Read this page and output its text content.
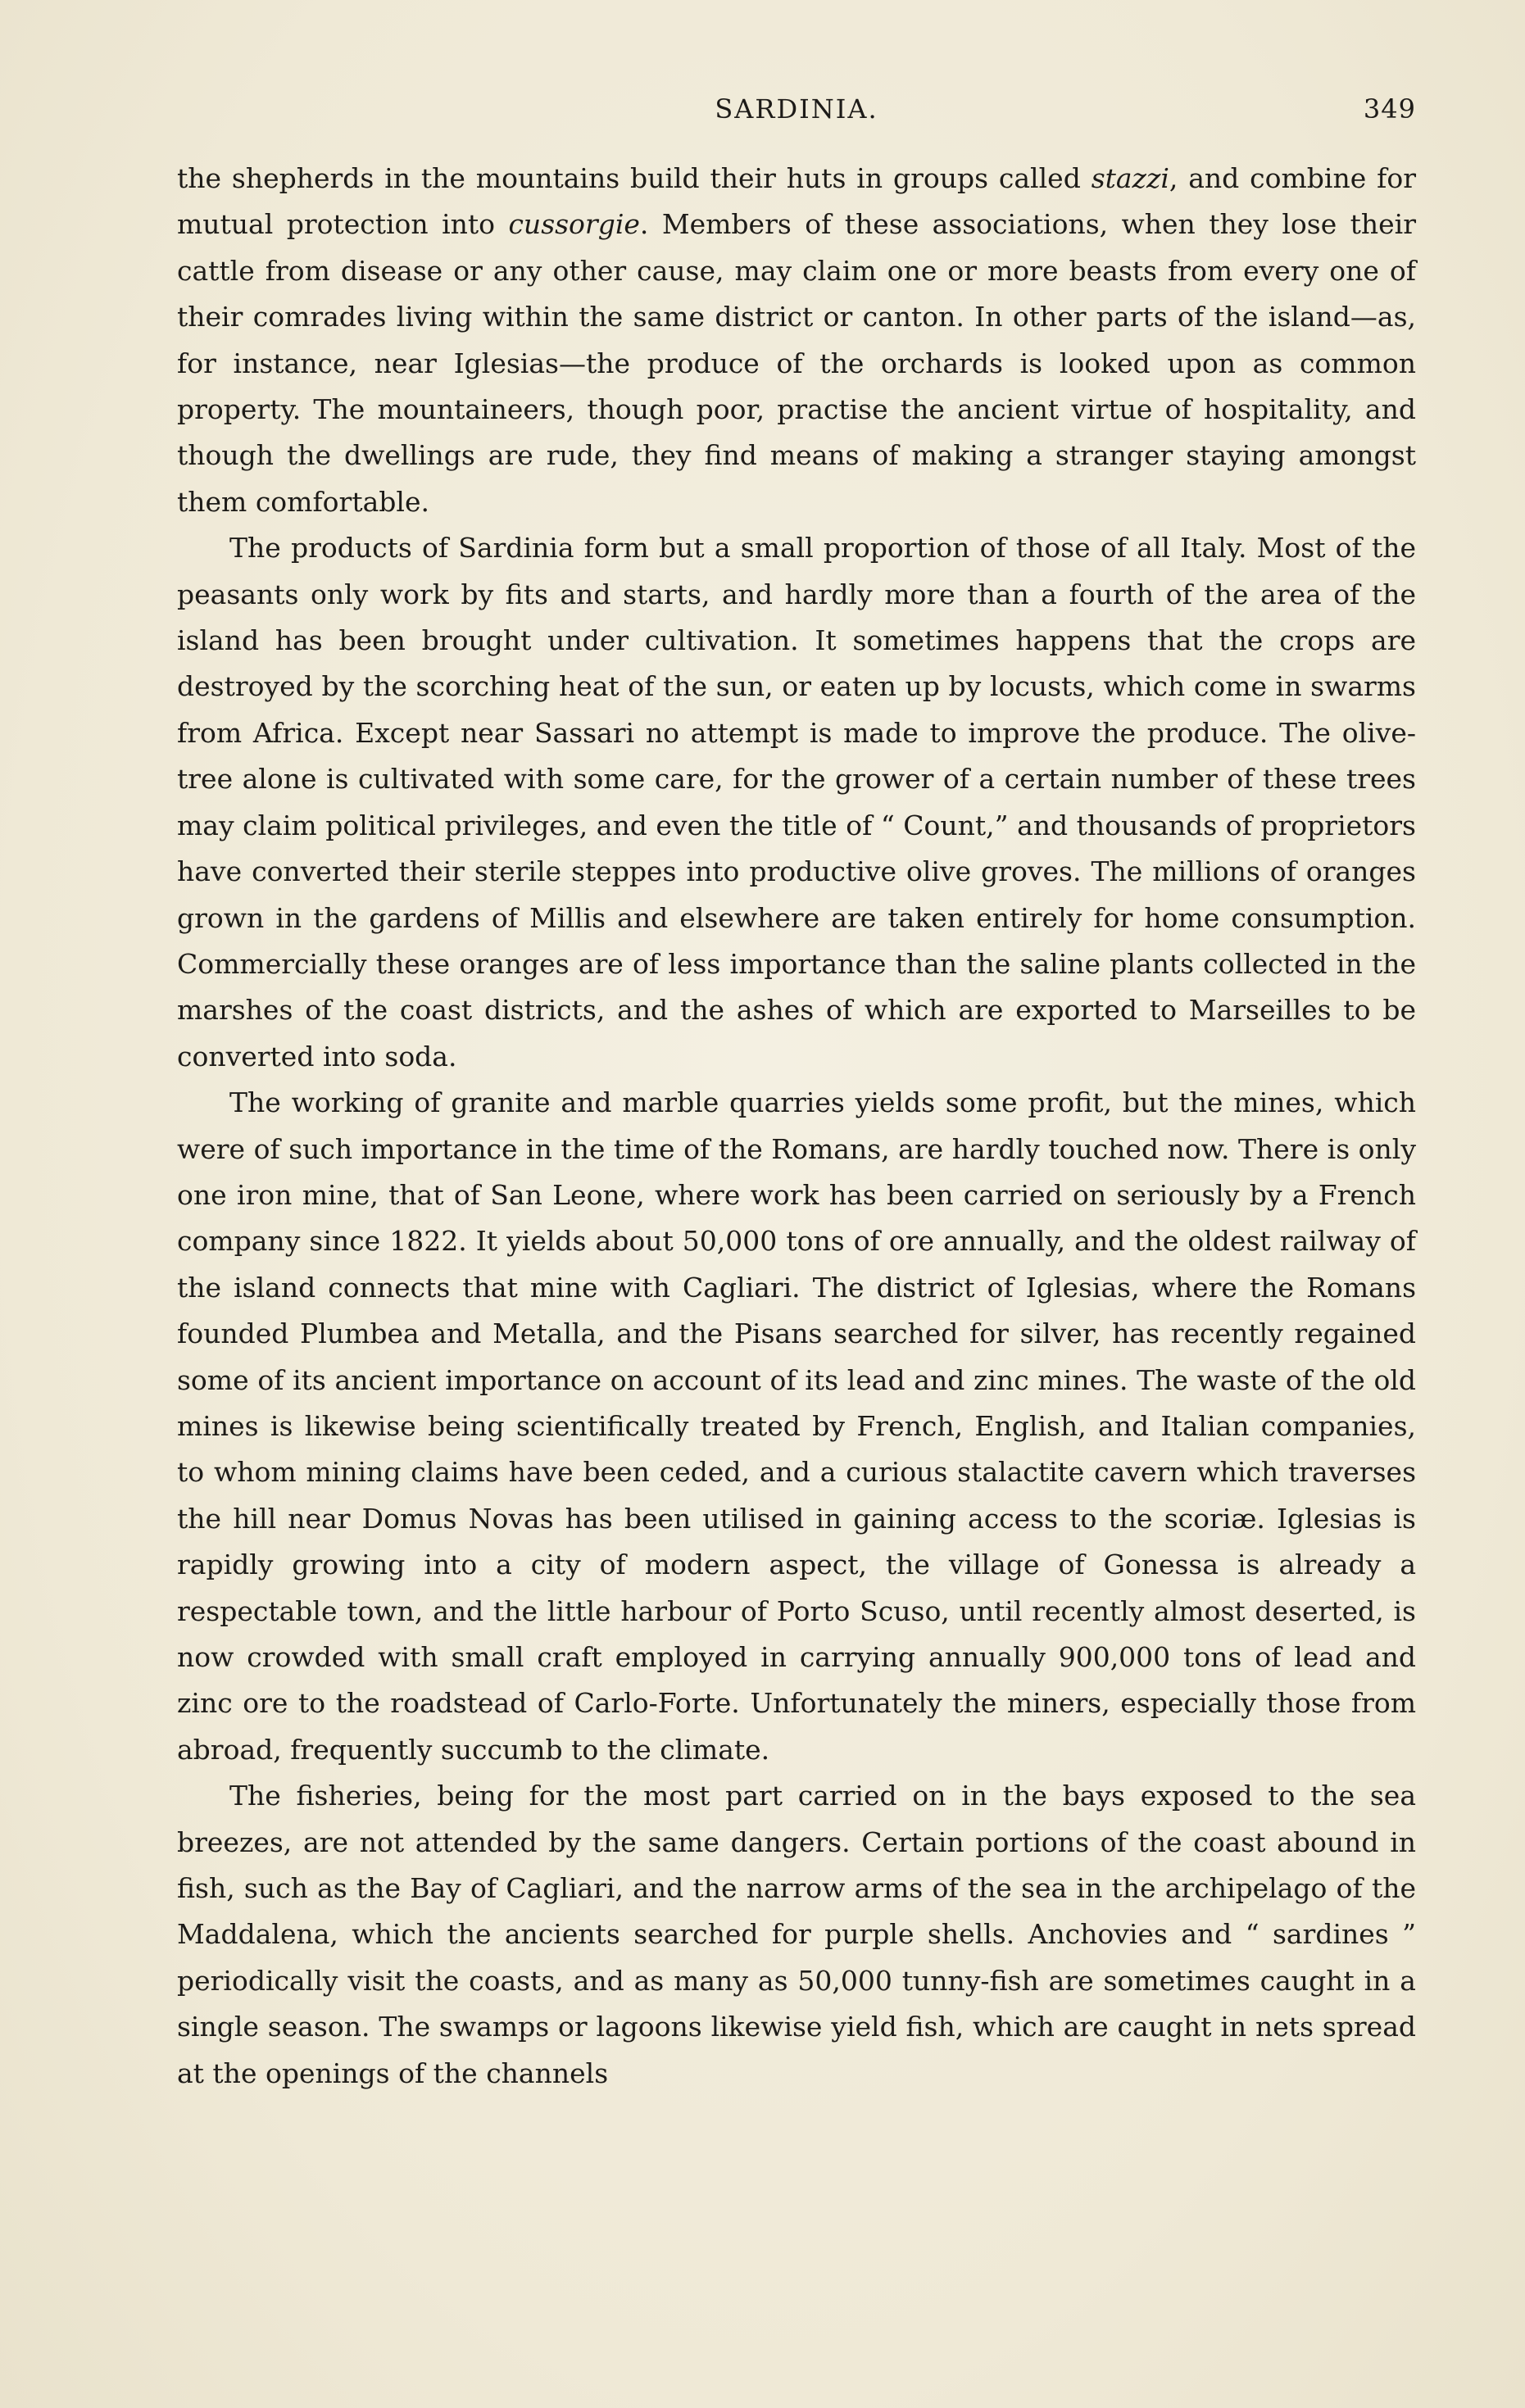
SARDINIA.	349

the shepherds in the mountains build their huts in groups called stazzi, and combine for mutual protection into cussorgie. Members of these associations, when they lose their cattle from disease or any other cause, may claim one or more beasts from every one of their comrades living within the same district or canton. In other parts of the island—as, for instance, near Iglesias—the produce of the orchards is looked upon as common property. The mountaineers, though poor, practise the ancient virtue of hospitality, and though the dwellings are rude, they find means of making a stranger staying amongst them comfortable.

The products of Sardinia form but a small proportion of those of all Italy. Most of the peasants only work by fits and starts, and hardly more than a fourth of the area of the island has been brought under cultivation. It sometimes happens that the crops are destroyed by the scorching heat of the sun, or eaten up by locusts, which come in swarms from Africa. Except near Sassari no attempt is made to improve the produce. The olive-tree alone is cultivated with some care, for the grower of a certain number of these trees may claim political privileges, and even the title of “ Count,” and thousands of proprietors have converted their sterile steppes into productive olive groves. The millions of oranges grown in the gardens of Millis and elsewhere are taken entirely for home consumption. Commercially these oranges are of less importance than the saline plants collected in the marshes of the coast districts, and the ashes of which are exported to Marseilles to be converted into soda.

The working of granite and marble quarries yields some profit, but the mines, which were of such importance in the time of the Romans, are hardly touched now. There is only one iron mine, that of San Leone, where work has been carried on seriously by a French company since 1822. It yields about 50,000 tons of ore annually, and the oldest railway of the island connects that mine with Cagliari. The district of Iglesias, where the Romans founded Plumbea and Metalla, and the Pisans searched for silver, has recently regained some of its ancient importance on account of its lead and zinc mines. The waste of the old mines is likewise being scientifically treated by French, English, and Italian companies, to whom mining claims have been ceded, and a curious stalactite cavern which traverses the hill near Domus Novas has been utilised in gaining access to the scoriæ. Iglesias is rapidly growing into a city of modern aspect, the village of Gonessa is already a respectable town, and the little harbour of Porto Scuso, until recently almost deserted, is now crowded with small craft employed in carrying annually 900,000 tons of lead and zinc ore to the roadstead of Carlo-Forte. Unfortunately the miners, especially those from abroad, frequently succumb to the climate.

The fisheries, being for the most part carried on in the bays exposed to the sea breezes, are not attended by the same dangers. Certain portions of the coast abound in fish, such as the Bay of Cagliari, and the narrow arms of the sea in the archipelago of the Maddalena, which the ancients searched for purple shells. Anchovies and “ sardines ” periodically visit the coasts, and as many as 50,000 tunny-fish are sometimes caught in a single season. The swamps or lagoons likewise yield fish, which are caught in nets spread at the openings of the channels
